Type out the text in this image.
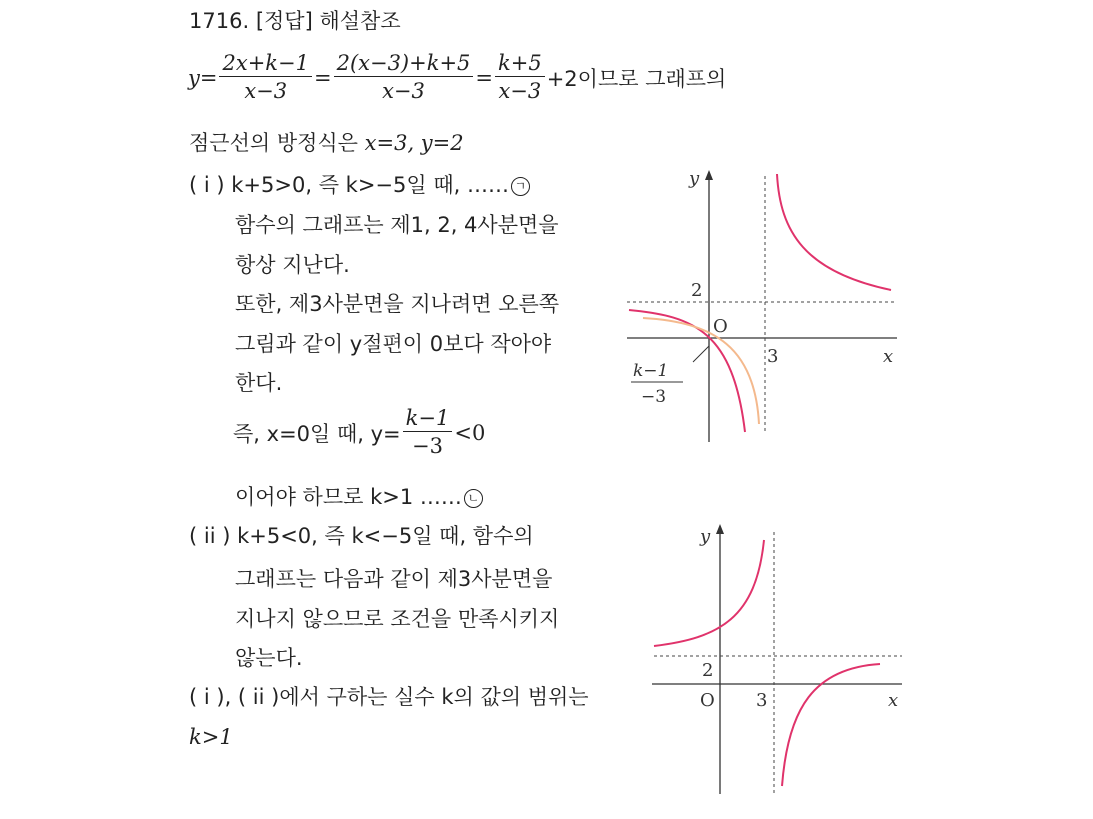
1716. [정답] 해설참조
$y = \frac{2x+k-1}{x-3} = \frac{2(x-3)+k+5}{x-3} = \frac{k+5}{x-3} +2$이므로 그래프의
점근선의 방정식은 x=3, y=2
( i ) k+5>0, 즉 k>−5일 때, …… ㄱ
함수의 그래프는 제1, 2, 4사분면을
항상 지난다.
또한, 제3사분면을 지나려면 오른쪽
그림과 같이 y절편이 0보다 작아야
한다.
즉, x=0일 때, $y= \frac{k-1}{-3} <0$
이어야 하므로 k>1 …… ㄴ
( ii ) k+5<0, 즉 k<−5일 때, 함수의
그래프는 다음과 같이 제3사분면을
지나지 않으므로 조건을 만족시키지
않는다.
( i ), ( ii )에서 구하는 실수 k의 값의 범위는
k>1
y
x
O
2
3
k−1
−3
y
x
O
2
3
